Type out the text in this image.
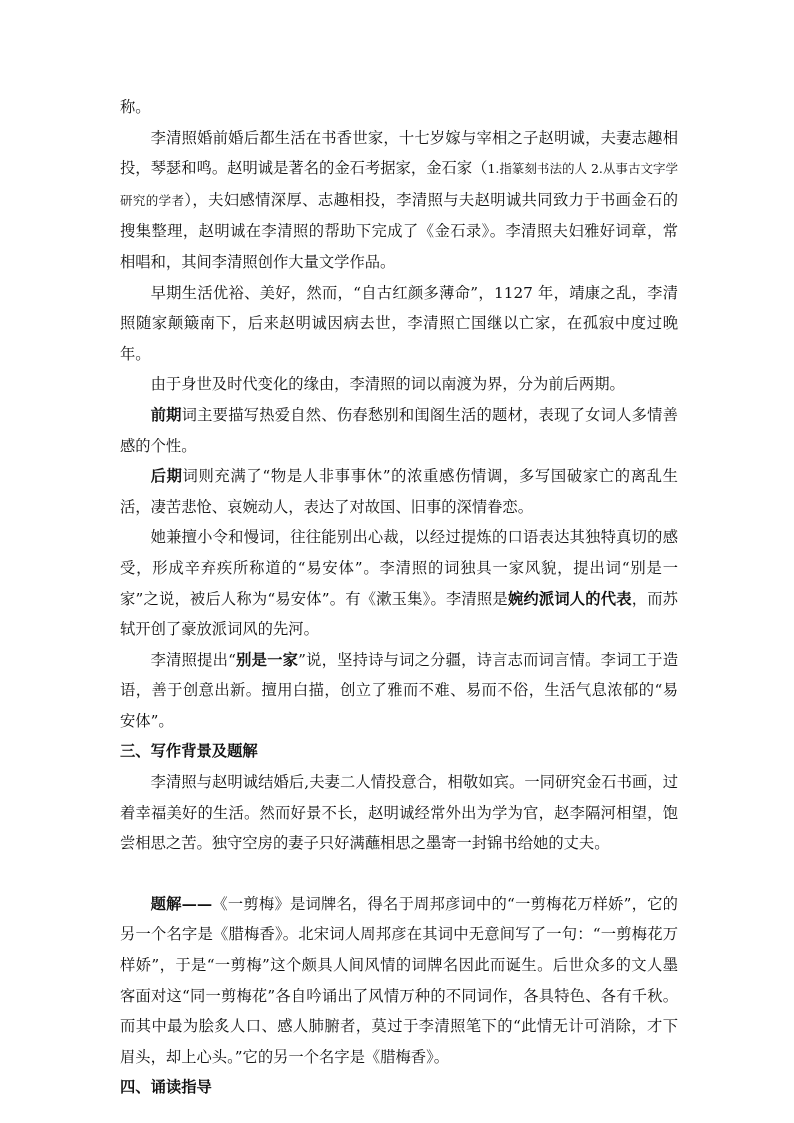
称。

李清照婚前婚后都生活在书香世家，十七岁嫁与宰相之子赵明诚，夫妻志趣相投，琴瑟和鸣。赵明诚是著名的金石考据家，金石家（1.指篆刻书法的人 2.从事古文字学研究的学者），夫妇感情深厚、志趣相投，李清照与夫赵明诚共同致力于书画金石的搜集整理，赵明诚在李清照的帮助下完成了《金石录》。李清照夫妇雅好词章，常相唱和，其间李清照创作大量文学作品。

早期生活优裕、美好，然而，“自古红颜多薄命”，1127 年，靖康之乱，李清照随家颠簸南下，后来赵明诚因病去世，李清照亡国继以亡家，在孤寂中度过晚年。

由于身世及时代变化的缘由，李清照的词以南渡为界，分为前后两期。

前期词主要描写热爱自然、伤春愁别和闺阁生活的题材，表现了女词人多情善感的个性。

后期词则充满了“物是人非事事休”的浓重感伤情调，多写国破家亡的离乱生活，凄苦悲怆、哀婉动人，表达了对故国、旧事的深情眷恋。

她兼擅小令和慢词，往往能别出心裁，以经过提炼的口语表达其独特真切的感受，形成辛弃疾所称道的“易安体”。李清照的词独具一家风貌，提出词“别是一家”之说，被后人称为“易安体”。有《漱玉集》。李清照是婉约派词人的代表，而苏轼开创了豪放派词风的先河。

李清照提出“别是一家”说，坚持诗与词之分疆，诗言志而词言情。李词工于造语，善于创意出新。擅用白描，创立了雅而不难、易而不俗，生活气息浓郁的“易安体”。

三、写作背景及题解

李清照与赵明诚结婚后,夫妻二人情投意合，相敬如宾。一同研究金石书画，过着幸福美好的生活。然而好景不长，赵明诚经常外出为学为官，赵李隔河相望，饱尝相思之苦。独守空房的妻子只好满蘸相思之墨寄一封锦书给她的丈夫。

题解——《一剪梅》是词牌名，得名于周邦彦词中的“一剪梅花万样娇”，它的另一个名字是《腊梅香》。北宋词人周邦彦在其词中无意间写了一句：“一剪梅花万样娇”，于是“一剪梅”这个颇具人间风情的词牌名因此而诞生。后世众多的文人墨客面对这“同一剪梅花”各自吟诵出了风情万种的不同词作，各具特色、各有千秋。而其中最为脍炙人口、感人肺腑者，莫过于李清照笔下的“此情无计可消除，才下眉头，却上心头。”它的另一个名字是《腊梅香》。

四、诵读指导
